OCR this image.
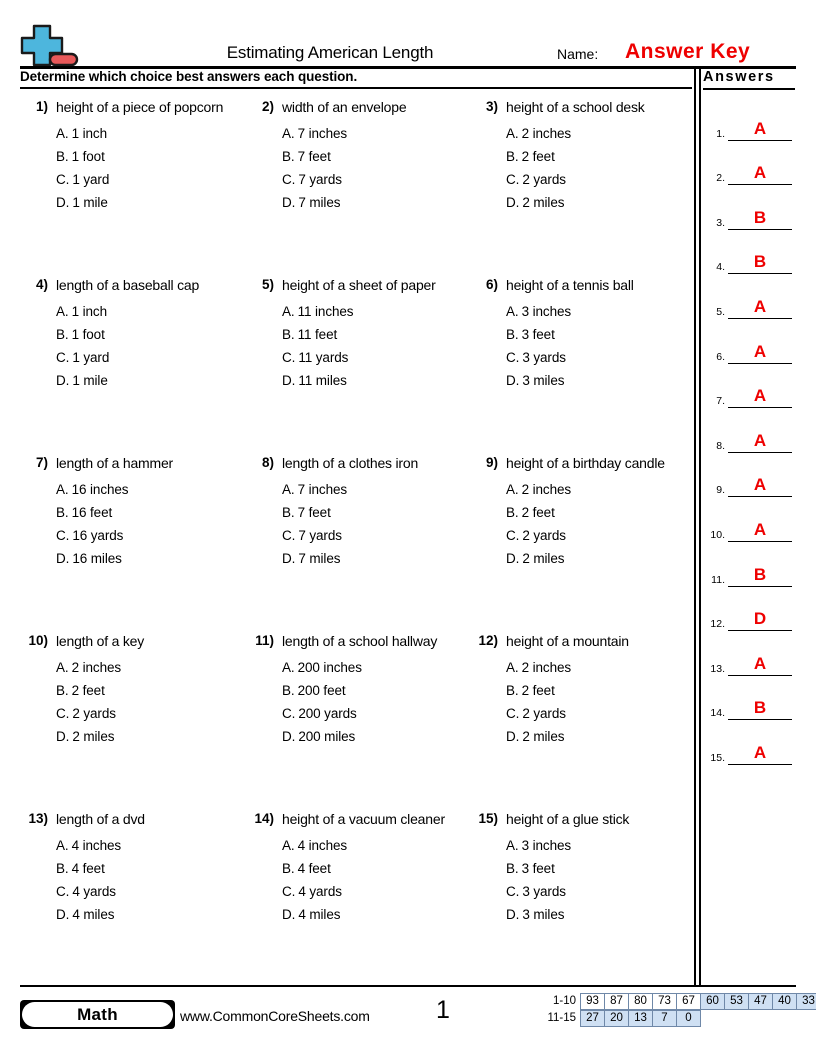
Estimating American Length	Name: Answer Key
Determine which choice best answers each question.
1) height of a piece of popcorn
A. 1 inch
B. 1 foot
C. 1 yard
D. 1 mile
2) width of an envelope
A. 7 inches
B. 7 feet
C. 7 yards
D. 7 miles
3) height of a school desk
A. 2 inches
B. 2 feet
C. 2 yards
D. 2 miles
4) length of a baseball cap
A. 1 inch
B. 1 foot
C. 1 yard
D. 1 mile
5) height of a sheet of paper
A. 11 inches
B. 11 feet
C. 11 yards
D. 11 miles
6) height of a tennis ball
A. 3 inches
B. 3 feet
C. 3 yards
D. 3 miles
7) length of a hammer
A. 16 inches
B. 16 feet
C. 16 yards
D. 16 miles
8) length of a clothes iron
A. 7 inches
B. 7 feet
C. 7 yards
D. 7 miles
9) height of a birthday candle
A. 2 inches
B. 2 feet
C. 2 yards
D. 2 miles
10) length of a key
A. 2 inches
B. 2 feet
C. 2 yards
D. 2 miles
11) length of a school hallway
A. 200 inches
B. 200 feet
C. 200 yards
D. 200 miles
12) height of a mountain
A. 2 inches
B. 2 feet
C. 2 yards
D. 2 miles
13) length of a dvd
A. 4 inches
B. 4 feet
C. 4 yards
D. 4 miles
14) height of a vacuum cleaner
A. 4 inches
B. 4 feet
C. 4 yards
D. 4 miles
15) height of a glue stick
A. 3 inches
B. 3 feet
C. 3 yards
D. 3 miles
Answers
1.	A
2.	A
3.	B
4.	B
5.	A
6.	A
7.	A
8.	A
9.	A
10.	A
11.	B
12.	D
13.	A
14.	B
15.	A
Math	www.CommonCoreSheets.com	1	1-10 93 87 80 73 67 60 53 47 40 33
11-15 27 20 13	7	0
